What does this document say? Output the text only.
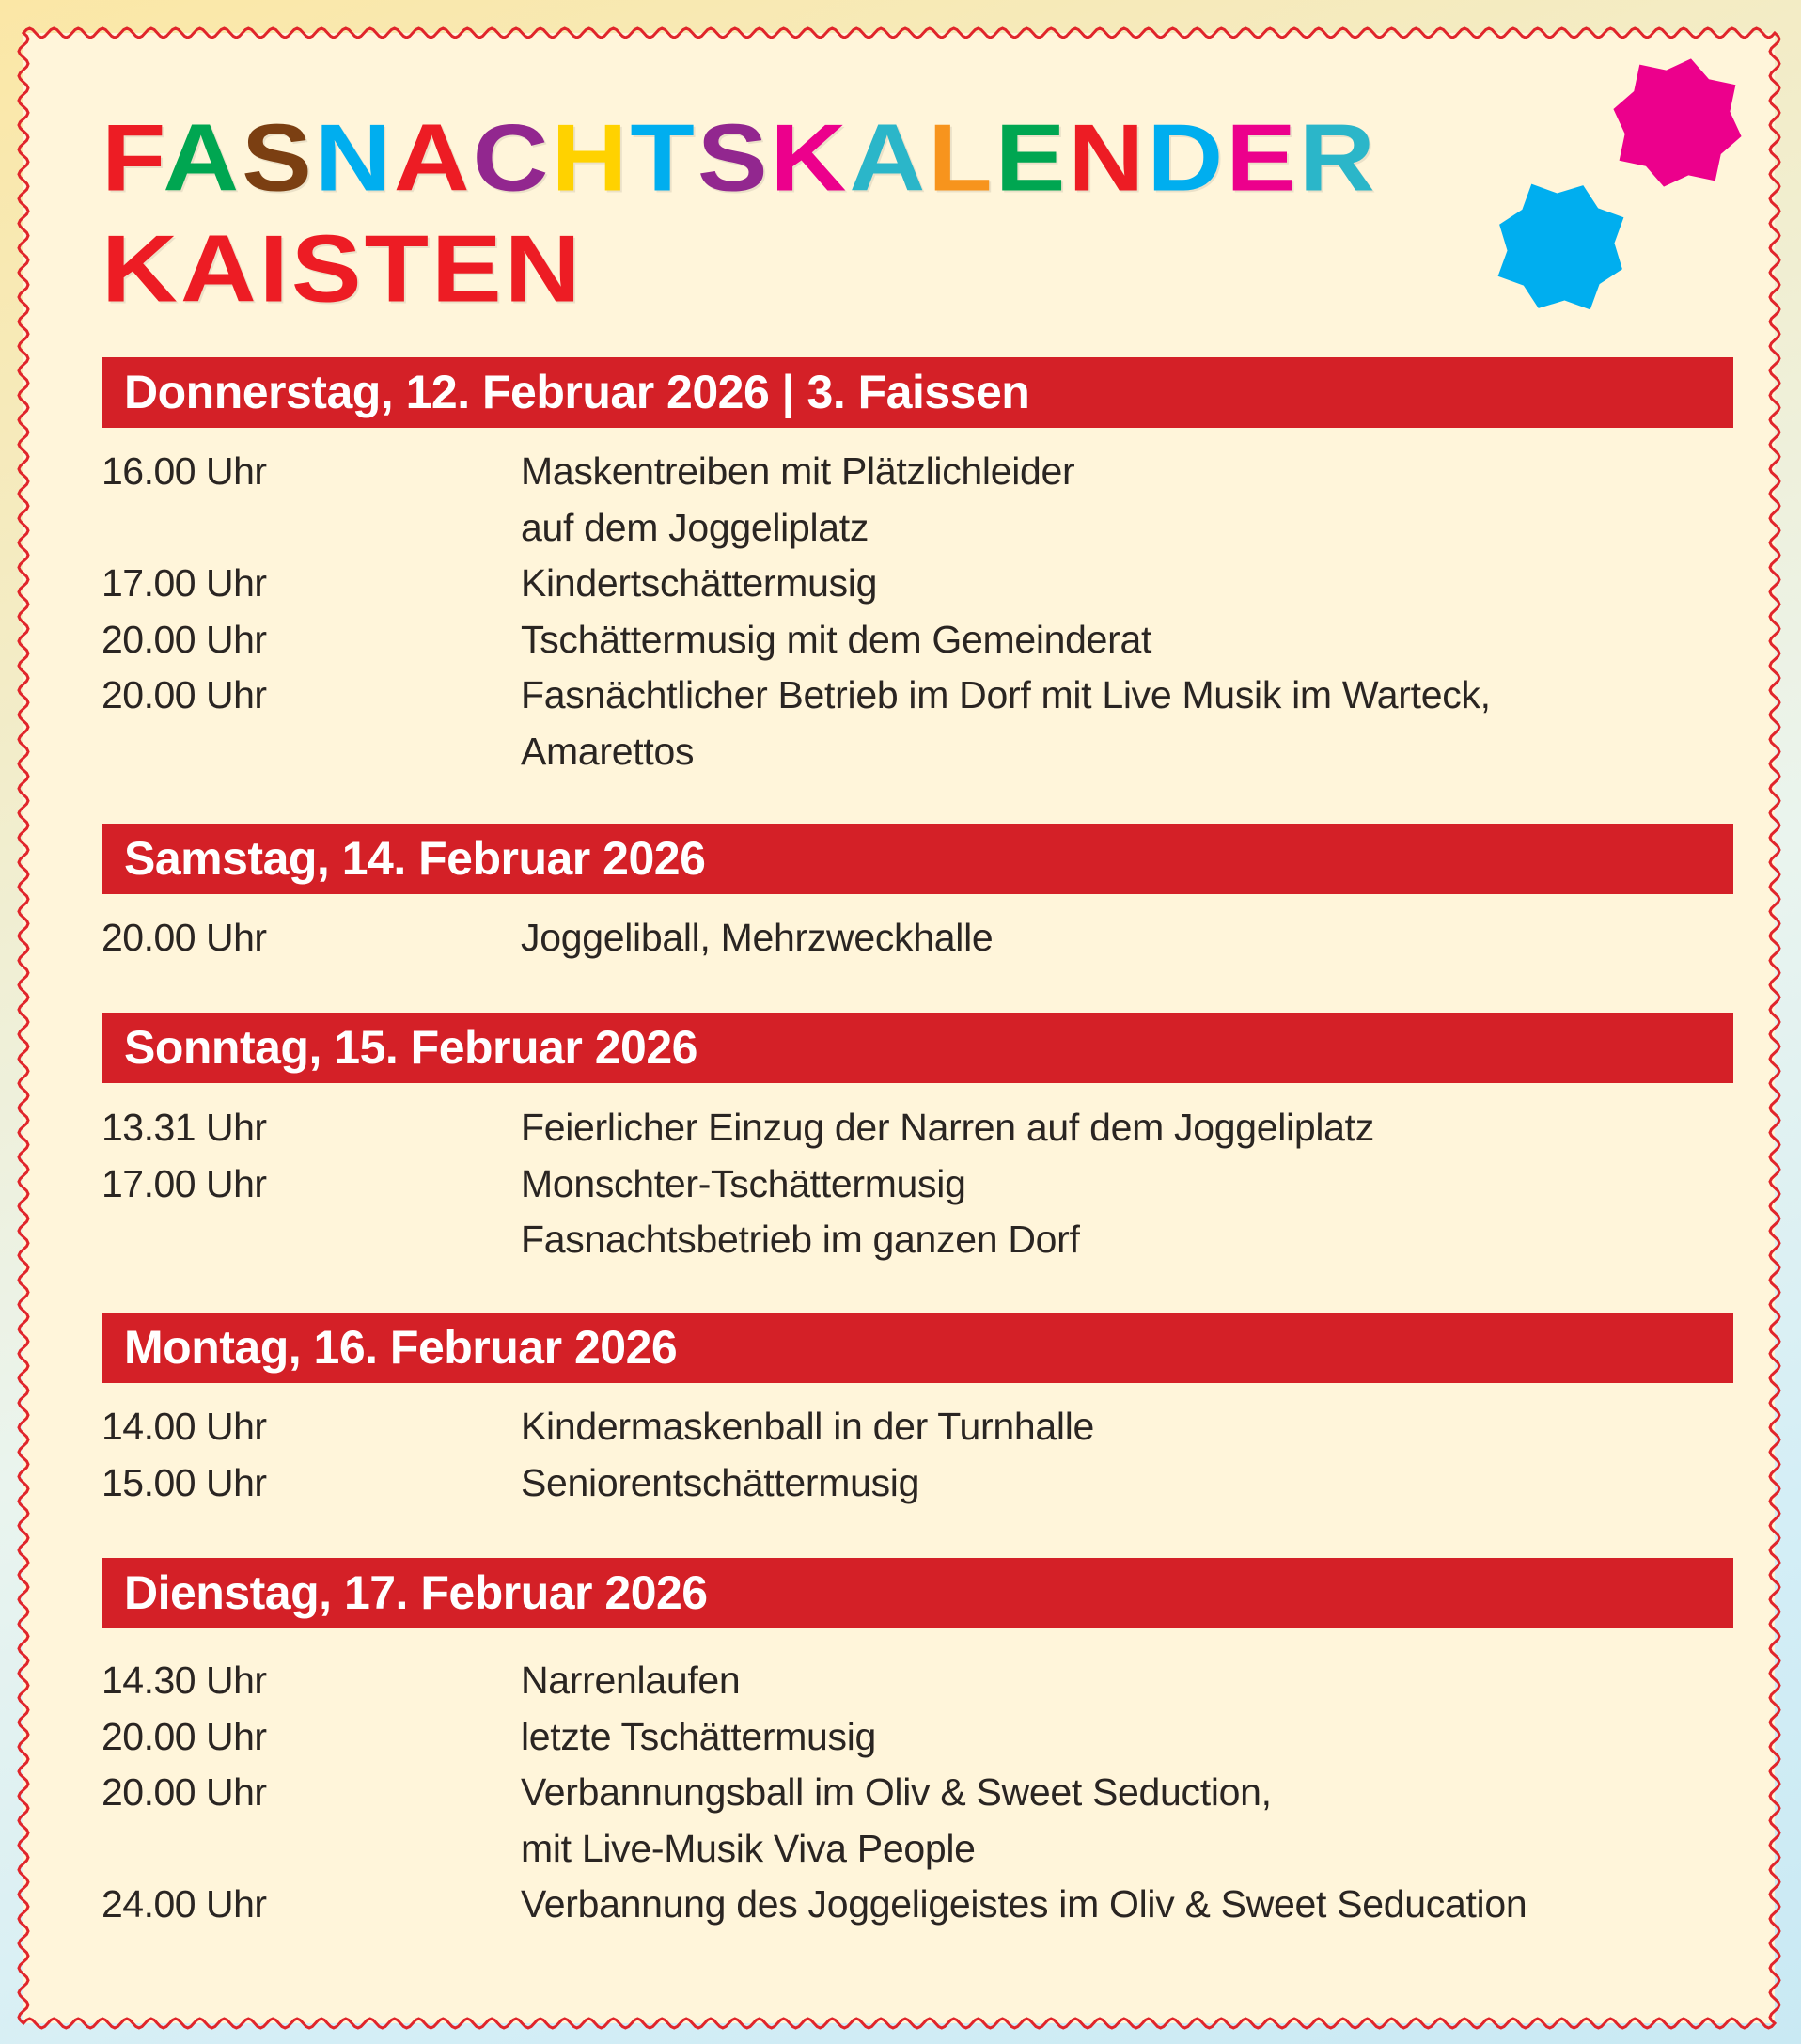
FASNACHTSKALENDER
KAISTEN
Donnerstag, 12. Februar 2026 | 3. Faissen
16.00 Uhr	Maskentreiben mit Plätzlichleider
auf dem Joggeliplatz
17.00 Uhr	Kindertschättermusig
20.00 Uhr	Tschättermusig mit dem Gemeinderat
20.00 Uhr	Fasnächtlicher Betrieb im Dorf mit Live Musik im Warteck,
Amarettos
Samstag, 14. Februar 2026
20.00 Uhr	Joggeliball, Mehrzweckhalle
Sonntag, 15. Februar 2026
13.31 Uhr	Feierlicher Einzug der Narren auf dem Joggeliplatz
17.00 Uhr	Monschter-Tschättermusig
Fasnachtsbetrieb im ganzen Dorf
Montag, 16. Februar 2026
14.00 Uhr	Kindermaskenball in der Turnhalle
15.00 Uhr	Seniorentschättermusig
Dienstag, 17. Februar 2026
14.30 Uhr	Narrenlaufen
20.00 Uhr	letzte Tschättermusig
20.00 Uhr	Verbannungsball im Oliv & Sweet Seduction,
mit Live-Musik Viva People
24.00 Uhr	Verbannung des Joggeligeistes im Oliv & Sweet Seducation
